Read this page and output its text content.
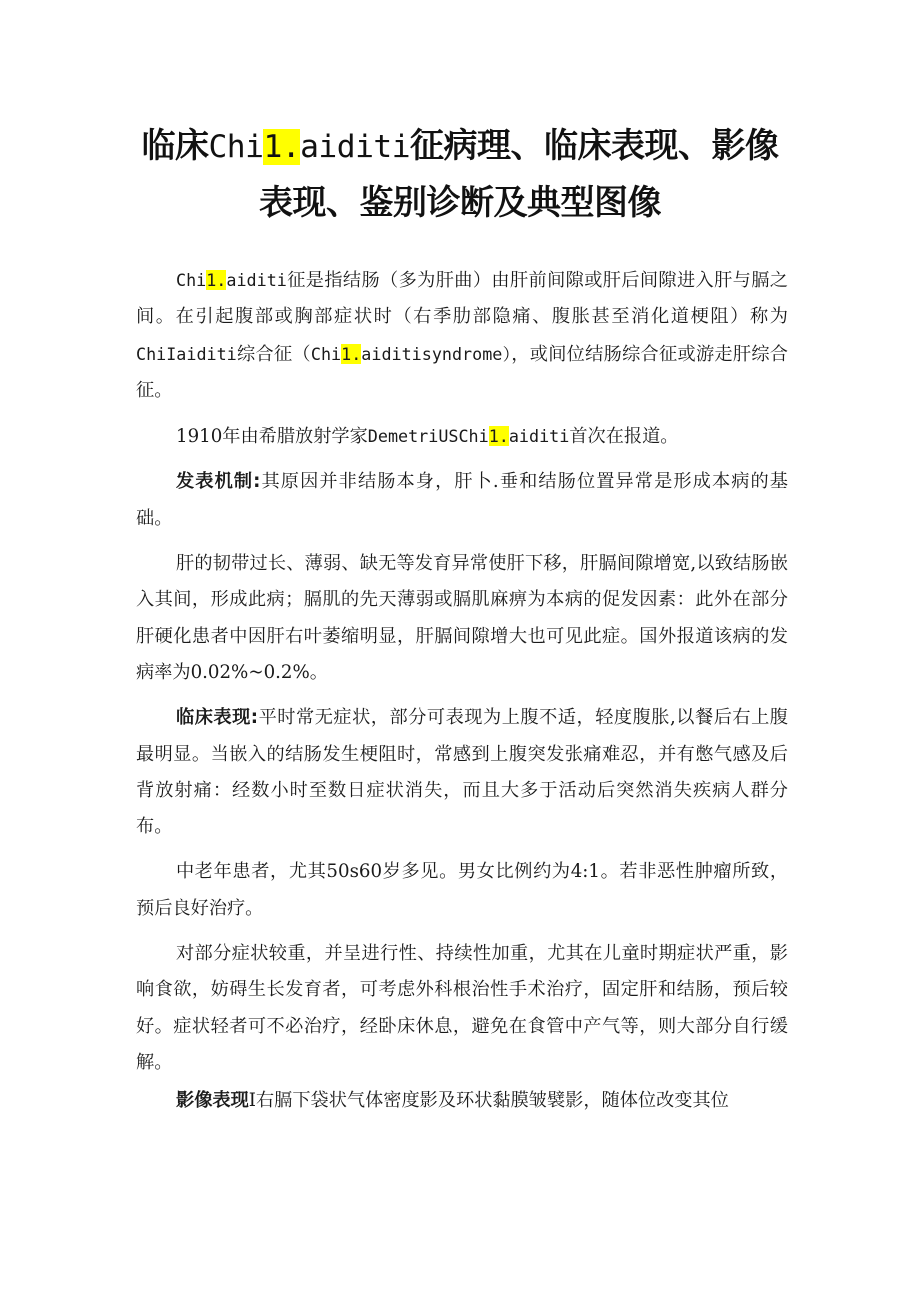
临床Chi1.aiditi征病理、临床表现、影像
表现、鉴别诊断及典型图像

Chi1.aiditi征是指结肠（多为肝曲）由肝前间隙或肝后间隙进入肝与膈之间。在引起腹部或胸部症状时（右季肋部隐痛、腹胀甚至消化道梗阻）称为ChiIaiditi综合征（Chi1.aiditisyndrome），或间位结肠综合征或游走肝综合征。

1910年由希腊放射学家DemetriUSChi1.aiditi首次在报道。

发表机制:其原因并非结肠本身，肝卜.垂和结肠位置异常是形成本病的基础。

肝的韧带过长、薄弱、缺无等发育异常使肝下移，肝膈间隙增宽,以致结肠嵌入其间，形成此病；膈肌的先天薄弱或膈肌麻痹为本病的促发因素：此外在部分肝硬化患者中因肝右叶萎缩明显，肝膈间隙增大也可见此症。国外报道该病的发病率为0.02%~0.2%。

临床表现:平时常无症状，部分可表现为上腹不适，轻度腹胀,以餐后右上腹最明显。当嵌入的结肠发生梗阻时，常感到上腹突发张痛难忍，并有憋气感及后背放射痛：经数小时至数日症状消失，而且大多于活动后突然消失疾病人群分布。

中老年患者，尤其50s60岁多见。男女比例约为4:1。若非恶性肿瘤所致，预后良好治疗。

对部分症状较重，并呈进行性、持续性加重，尤其在儿童时期症状严重，影响食欲，妨碍生长发育者，可考虑外科根治性手术治疗，固定肝和结肠，预后较好。症状轻者可不必治疗，经卧床休息，避免在食管中产气等，则大部分自行缓解。

影像表现I右膈下袋状气体密度影及环状黏膜皱襞影，随体位改变其位
